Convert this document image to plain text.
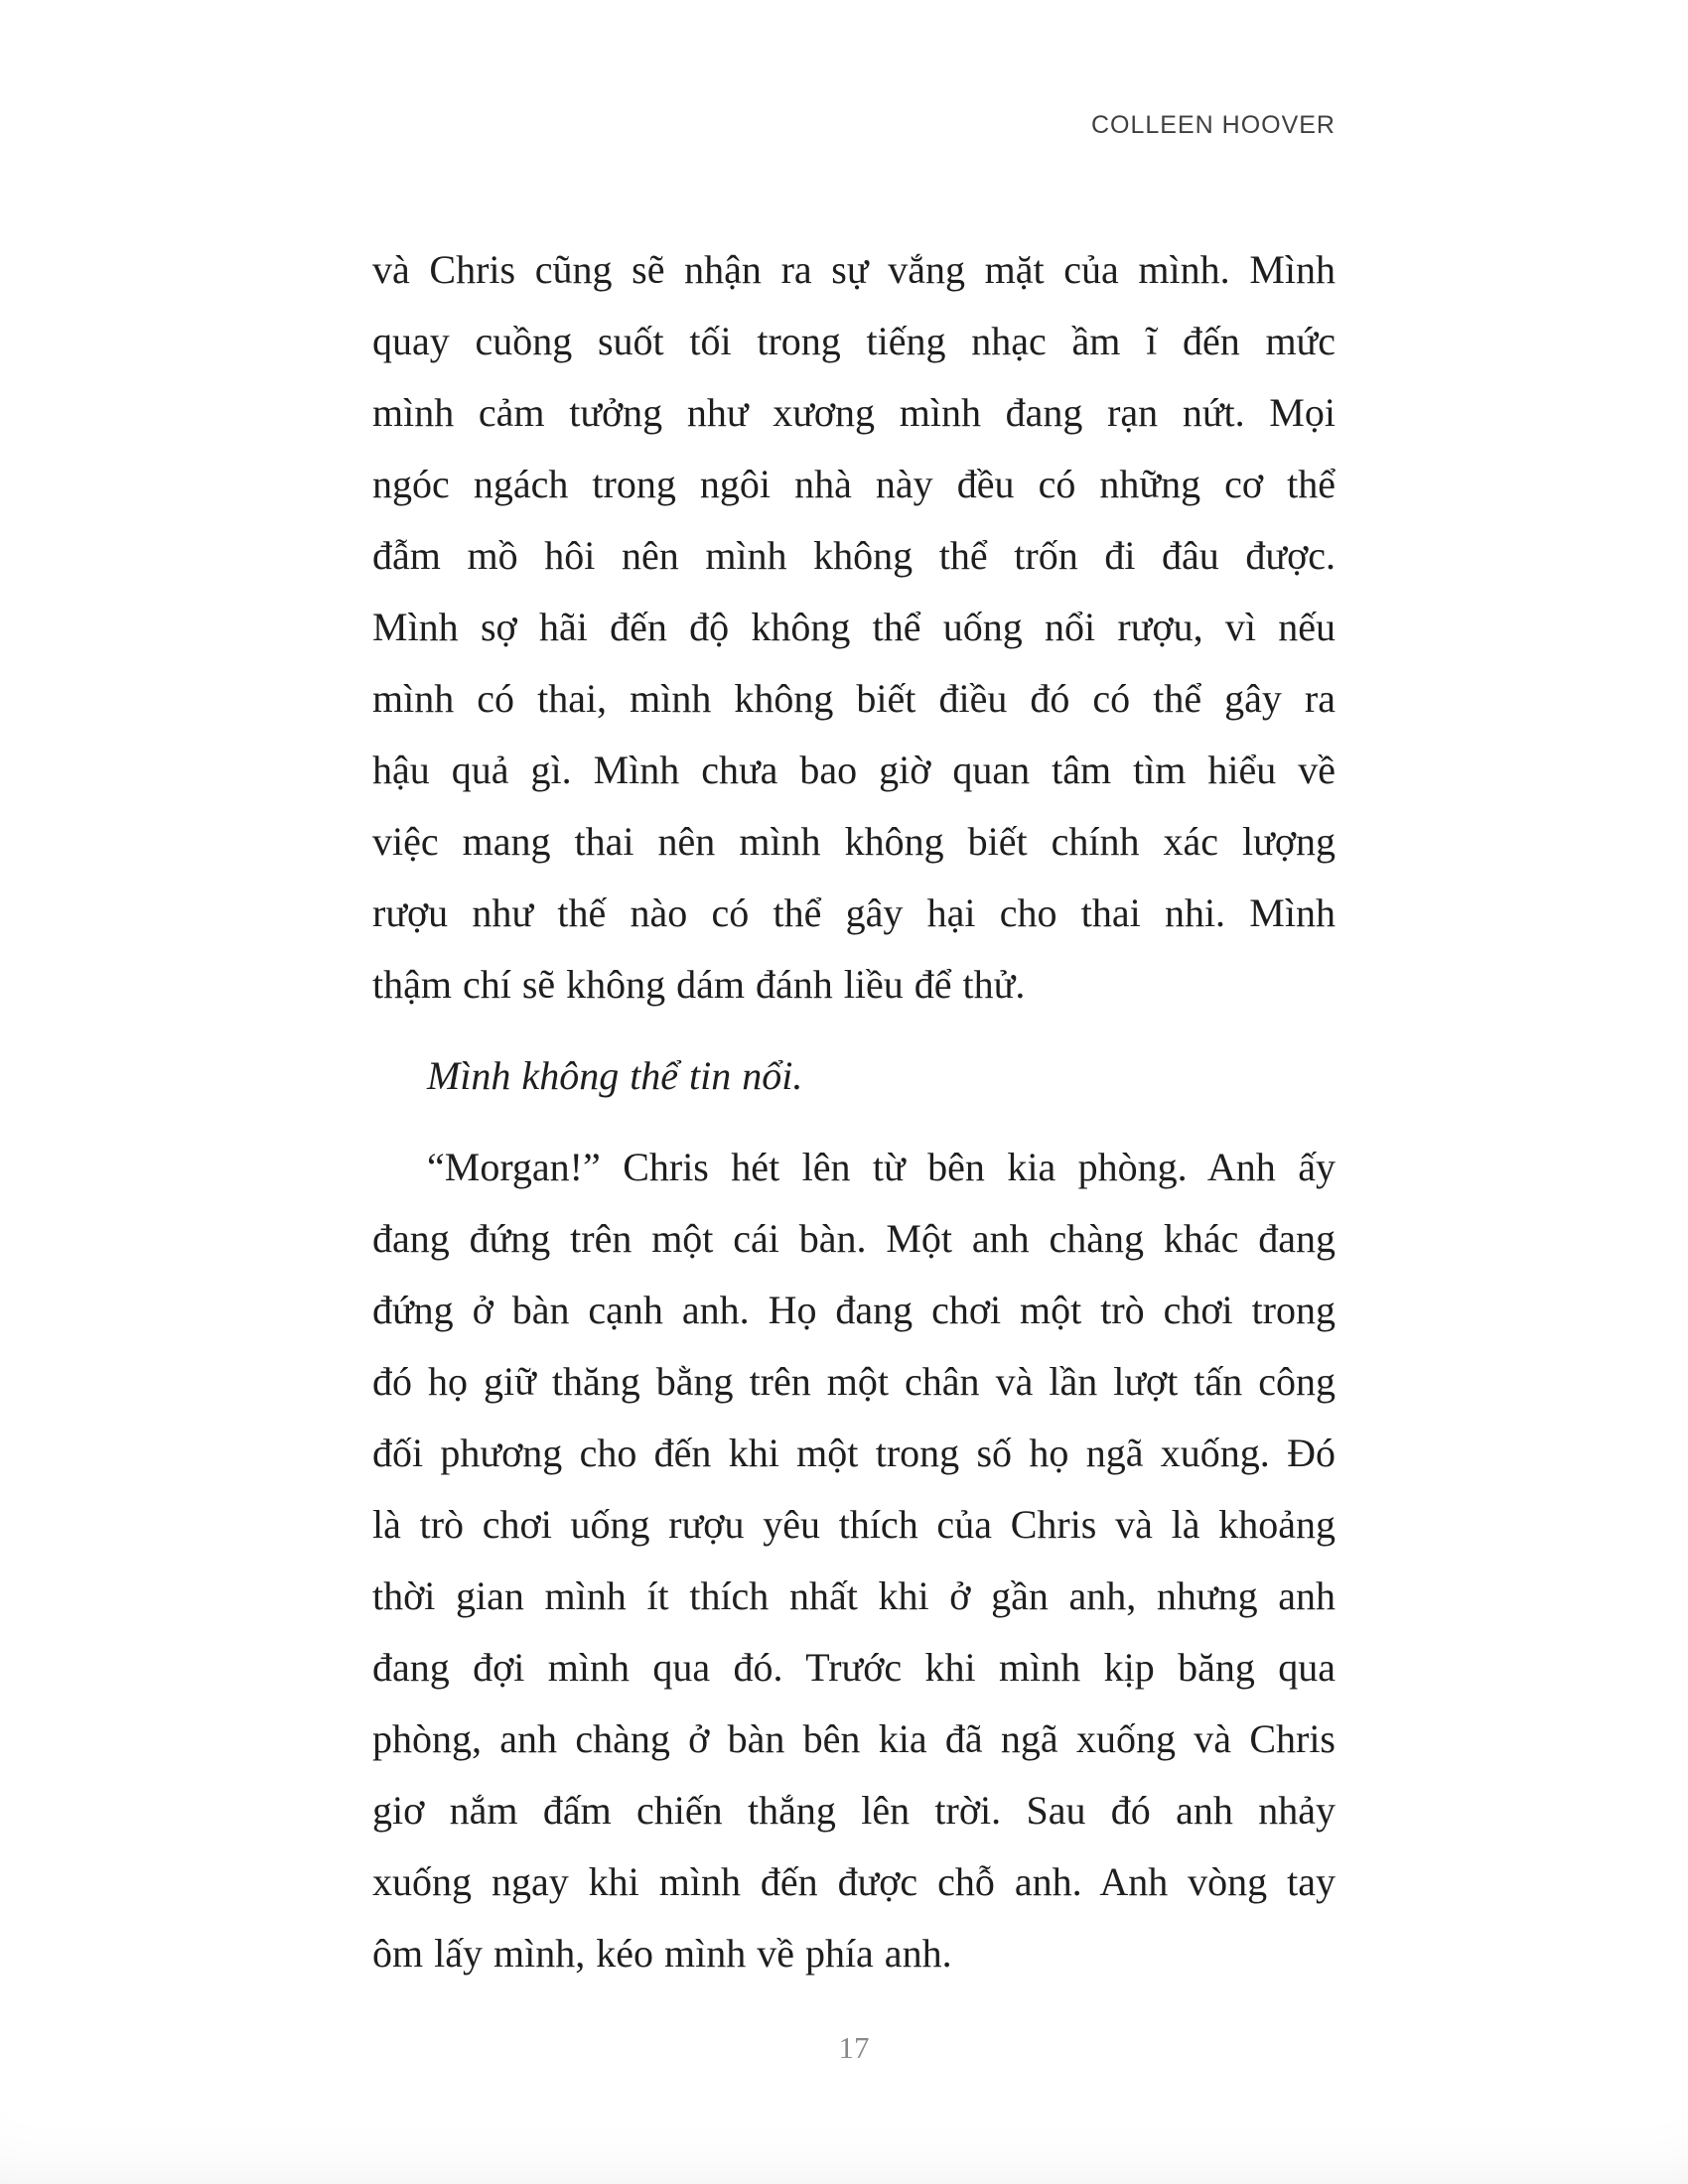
COLLEEN HOOVER
và Chris cũng sẽ nhận ra sự vắng mặt của mình. Mình
quay cuồng suốt tối trong tiếng nhạc ầm ĩ đến mức
mình cảm tưởng như xương mình đang rạn nứt. Mọi
ngóc ngách trong ngôi nhà này đều có những cơ thể
đẫm mồ hôi nên mình không thể trốn đi đâu được.
Mình sợ hãi đến độ không thể uống nổi rượu, vì nếu
mình có thai, mình không biết điều đó có thể gây ra
hậu quả gì. Mình chưa bao giờ quan tâm tìm hiểu về
việc mang thai nên mình không biết chính xác lượng
rượu như thế nào có thể gây hại cho thai nhi. Mình
thậm chí sẽ không dám đánh liều để thử.
Mình không thể tin nổi.
“Morgan!” Chris hét lên từ bên kia phòng. Anh ấy
đang đứng trên một cái bàn. Một anh chàng khác đang
đứng ở bàn cạnh anh. Họ đang chơi một trò chơi trong
đó họ giữ thăng bằng trên một chân và lần lượt tấn công
đối phương cho đến khi một trong số họ ngã xuống. Đó
là trò chơi uống rượu yêu thích của Chris và là khoảng
thời gian mình ít thích nhất khi ở gần anh, nhưng anh
đang đợi mình qua đó. Trước khi mình kịp băng qua
phòng, anh chàng ở bàn bên kia đã ngã xuống và Chris
giơ nắm đấm chiến thắng lên trời. Sau đó anh nhảy
xuống ngay khi mình đến được chỗ anh. Anh vòng tay
ôm lấy mình, kéo mình về phía anh.
17
